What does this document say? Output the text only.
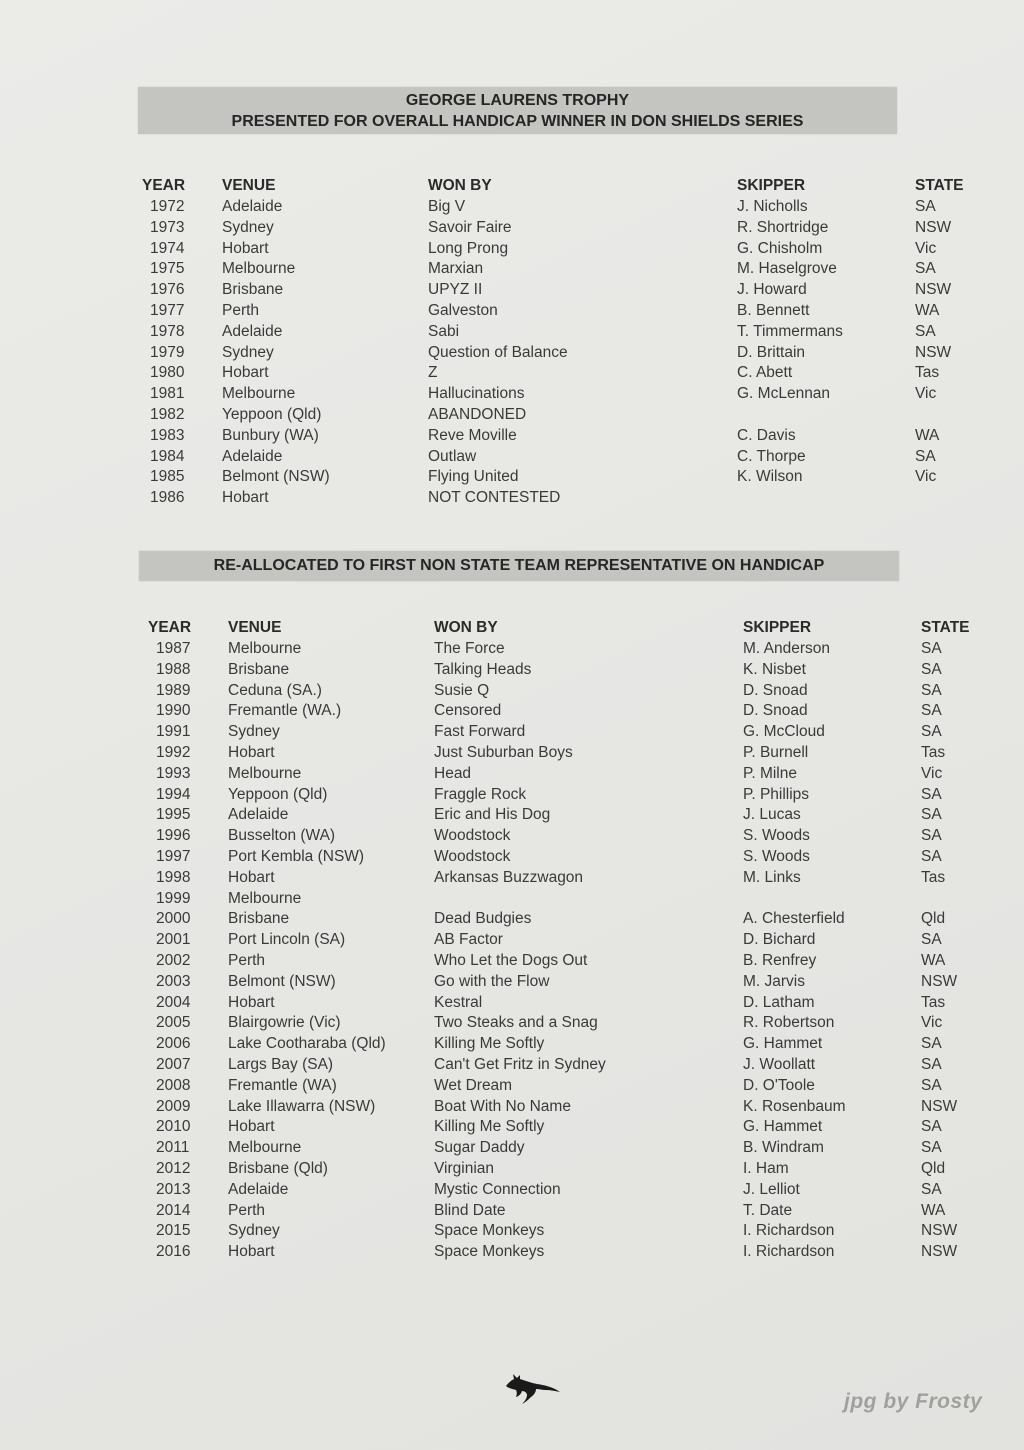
GEORGE LAURENS TROPHY
PRESENTED FOR OVERALL HANDICAP WINNER IN DON SHIELDS SERIES
YEAR	VENUE	WON BY	SKIPPER	STATE
1972	Adelaide	Big V	J. Nicholls	SA
1973	Sydney	Savoir Faire	R. Shortridge	NSW
1974	Hobart	Long Prong	G. Chisholm	Vic
1975	Melbourne	Marxian	M. Haselgrove	SA
1976	Brisbane	UPYZ II	J. Howard	NSW
1977	Perth	Galveston	B. Bennett	WA
1978	Adelaide	Sabi	T. Timmermans	SA
1979	Sydney	Question of Balance	D. Brittain	NSW
1980	Hobart	Z	C. Abett	Tas
1981	Melbourne	Hallucinations	G. McLennan	Vic
1982	Yeppoon (Qld)	ABANDONED
1983	Bunbury (WA)	Reve Moville	C. Davis	WA
1984	Adelaide	Outlaw	C. Thorpe	SA
1985	Belmont (NSW)	Flying United	K. Wilson	Vic
1986	Hobart	NOT CONTESTED
RE-ALLOCATED TO FIRST NON STATE TEAM REPRESENTATIVE ON HANDICAP
YEAR	VENUE	WON BY	SKIPPER	STATE
1987	Melbourne	The Force	M. Anderson	SA
1988	Brisbane	Talking Heads	K. Nisbet	SA
1989	Ceduna (SA.)	Susie Q	D. Snoad	SA
1990	Fremantle (WA.)	Censored	D. Snoad	SA
1991	Sydney	Fast Forward	G. McCloud	SA
1992	Hobart	Just Suburban Boys	P. Burnell	Tas
1993	Melbourne	Head	P. Milne	Vic
1994	Yeppoon (Qld)	Fraggle Rock	P. Phillips	SA
1995	Adelaide	Eric and His Dog	J. Lucas	SA
1996	Busselton (WA)	Woodstock	S. Woods	SA
1997	Port Kembla (NSW)	Woodstock	S. Woods	SA
1998	Hobart	Arkansas Buzzwagon	M. Links	Tas
1999	Melbourne
2000	Brisbane	Dead Budgies	A. Chesterfield	Qld
2001	Port Lincoln (SA)	AB Factor	D. Bichard	SA
2002	Perth	Who Let the Dogs Out	B. Renfrey	WA
2003	Belmont (NSW)	Go with the Flow	M. Jarvis	NSW
2004	Hobart	Kestral	D. Latham	Tas
2005	Blairgowrie (Vic)	Two Steaks and a Snag	R. Robertson	Vic
2006	Lake Cootharaba (Qld)	Killing Me Softly	G. Hammet	SA
2007	Largs Bay (SA)	Can't Get Fritz in Sydney	J. Woollatt	SA
2008	Fremantle (WA)	Wet Dream	D. O'Toole	SA
2009	Lake Illawarra (NSW)	Boat With No Name	K. Rosenbaum	NSW
2010	Hobart	Killing Me Softly	G. Hammet	SA
2011	Melbourne	Sugar Daddy	B. Windram	SA
2012	Brisbane (Qld)	Virginian	I. Ham	Qld
2013	Adelaide	Mystic Connection	J. Lelliot	SA
2014	Perth	Blind Date	T. Date	WA
2015	Sydney	Space Monkeys	I. Richardson	NSW
2016	Hobart	Space Monkeys	I. Richardson	NSW
jpg by Frosty
